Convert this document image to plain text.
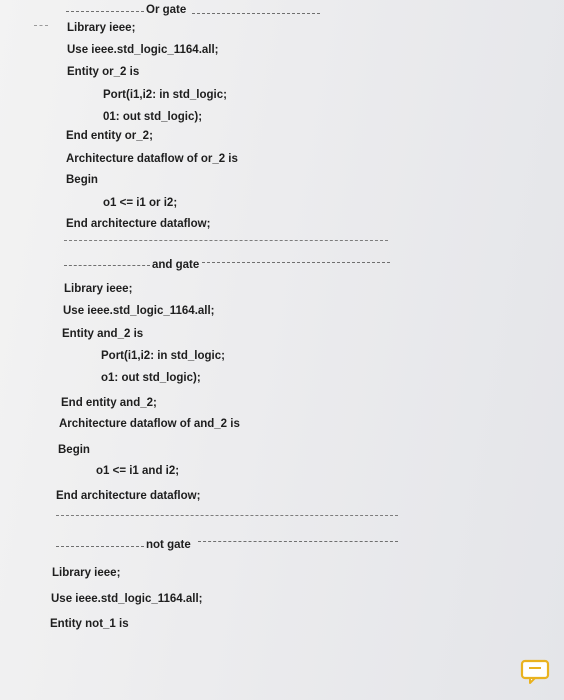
Or gate
Library ieee;
Use ieee.std_logic_1164.all;
Entity or_2 is
Port(i1,i2: in std_logic;
01: out std_logic);
End entity or_2;
Architecture dataflow of or_2 is
Begin
o1 <= i1 or i2;
End architecture dataflow;
and gate
Library ieee;
Use ieee.std_logic_1164.all;
Entity and_2 is
Port(i1,i2: in std_logic;
o1: out std_logic);
End entity and_2;
Architecture dataflow of and_2 is
Begin
o1 <= i1 and i2;
End architecture dataflow;
not gate
Library ieee;
Use ieee.std_logic_1164.all;
Entity not_1 is
